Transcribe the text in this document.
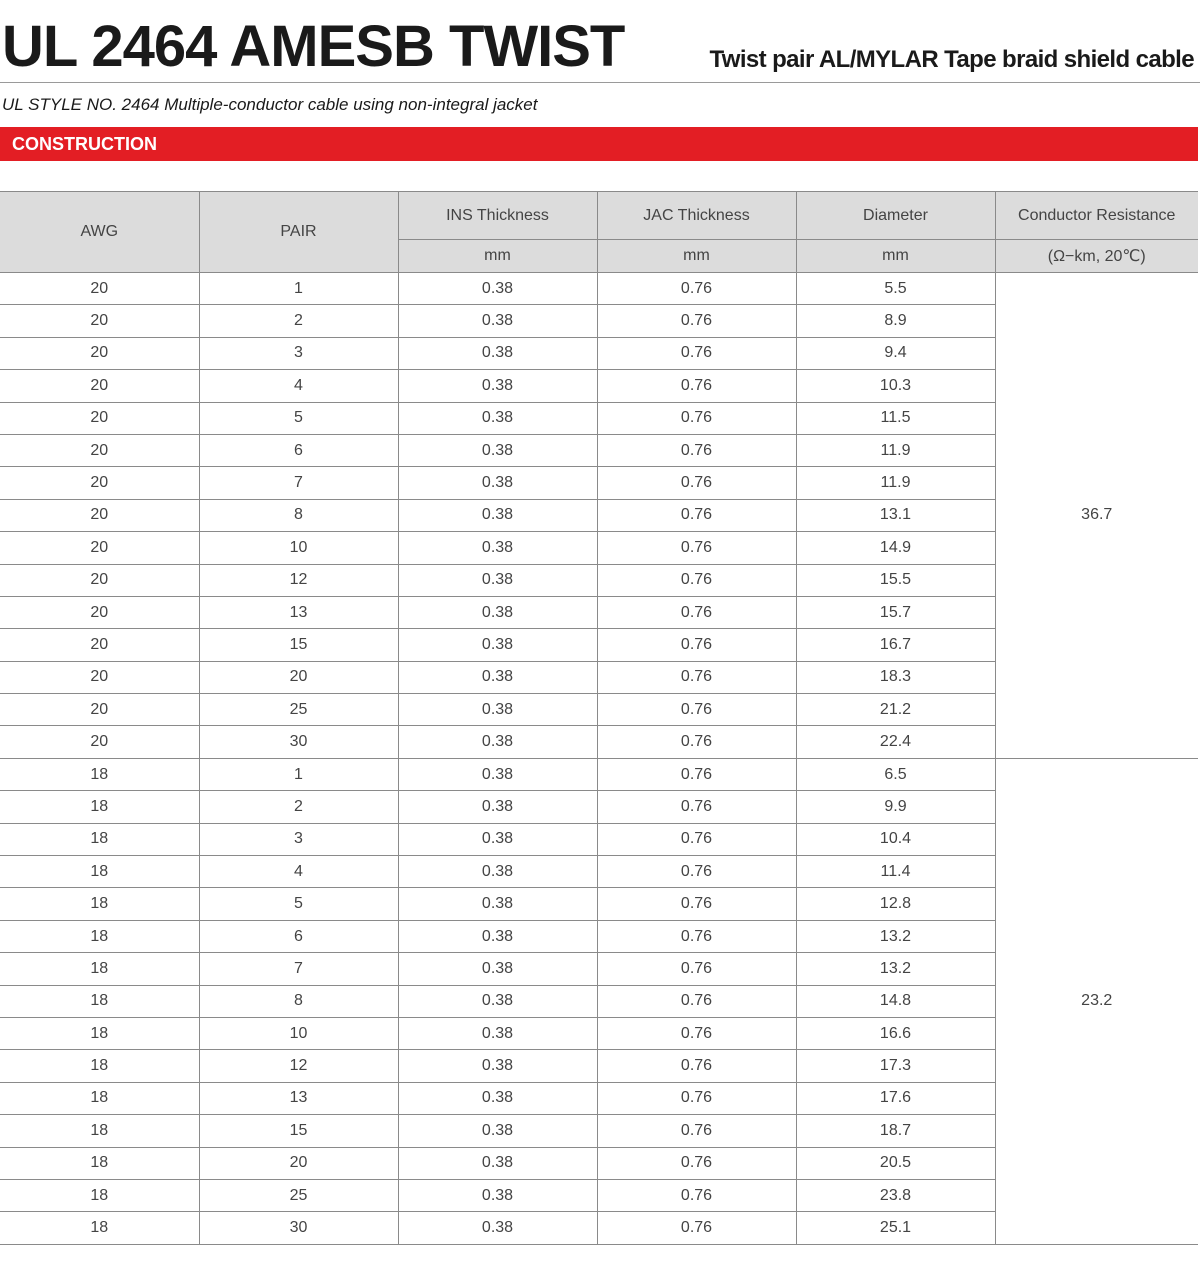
UL 2464 AMESB TWIST	Twist pair AL/MYLAR Tape braid shield cable
UL STYLE NO. 2464 Multiple-conductor cable using non-integral jacket
CONSTRUCTION
AWG	PAIR	INS Thickness	JAC Thickness	Diameter	Conductor Resistance
		mm	mm	mm	(Ω−km, 20℃)
20	1	0.38	0.76	5.5	36.7
20	2	0.38	0.76	8.9	
20	3	0.38	0.76	9.4	
20	4	0.38	0.76	10.3	
20	5	0.38	0.76	11.5	
20	6	0.38	0.76	11.9	
20	7	0.38	0.76	11.9	
20	8	0.38	0.76	13.1	
20	10	0.38	0.76	14.9	
20	12	0.38	0.76	15.5	
20	13	0.38	0.76	15.7	
20	15	0.38	0.76	16.7	
20	20	0.38	0.76	18.3	
20	25	0.38	0.76	21.2	
20	30	0.38	0.76	22.4	
18	1	0.38	0.76	6.5	23.2
18	2	0.38	0.76	9.9	
18	3	0.38	0.76	10.4	
18	4	0.38	0.76	11.4	
18	5	0.38	0.76	12.8	
18	6	0.38	0.76	13.2	
18	7	0.38	0.76	13.2	
18	8	0.38	0.76	14.8	
18	10	0.38	0.76	16.6	
18	12	0.38	0.76	17.3	
18	13	0.38	0.76	17.6	
18	15	0.38	0.76	18.7	
18	20	0.38	0.76	20.5	
18	25	0.38	0.76	23.8	
18	30	0.38	0.76	25.1	
